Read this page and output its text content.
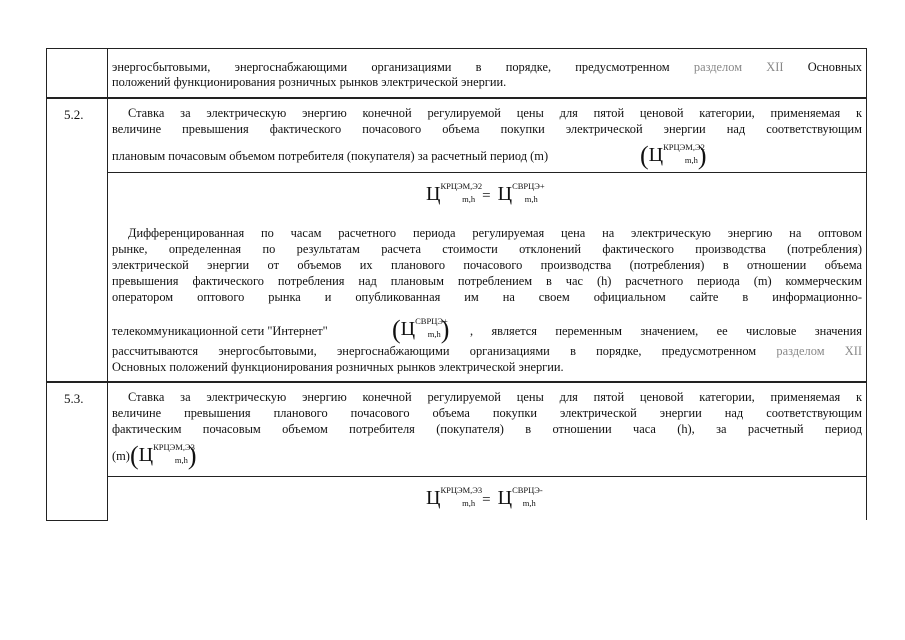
энергосбытовыми, энергоснабжающими организациями в порядке, предусмотренном разделом XII Основных
положений функционирования розничных рынков электрической энергии.
5.2.	Ставка за электрическую энергию конечной регулируемой цены для пятой ценовой категории, применяемая к
величине превышения фактического почасового объема покупки электрической энергии над соответствующим
плановым почасовым объемом потребителя (покупателя) за расчетный период (m)	$(Ц^{КРЦЭМ,Э2}m,h)$
$Ц^{КРЦЭМ,Э2}m,h = Ц^{СВРЦЭ+}m,h$
Дифференцированная по часам расчетного периода регулируемая цена на электрическую энергию на оптовом
рынке, определенная по результатам расчета стоимости отклонений фактического производства (потребления)
электрической энергии от объемов их планового почасового производства (потребления) в отношении объема
превышения фактического потребления над плановым потреблением в час (h) расчетного периода (m) коммерческим
оператором оптового рынка и опубликованная им на своем официальном сайте в информационно-
телекоммуникационной сети "Интернет"	$(Ц^{СВРЦЭ+}m,h)$ , является переменным значением, ее числовые значения
рассчитываются энергосбытовыми, энергоснабжающими организациями в порядке, предусмотренном разделом XII
Основных положений функционирования розничных рынков электрической энергии.
5.3.	Ставка за электрическую энергию конечной регулируемой цены для пятой ценовой категории, применяемая к
величине превышения планового почасового объема покупки электрической энергии над соответствующим
фактическим почасовым объемом потребителя (покупателя) в отношении часа (h), за расчетный период
(m) $(Ц^{КРЦЭМ,Э3}m,h)$
$Ц^{КРЦЭМ,Э3}m,h = Ц^{СВРЦЭ-}m,h$
